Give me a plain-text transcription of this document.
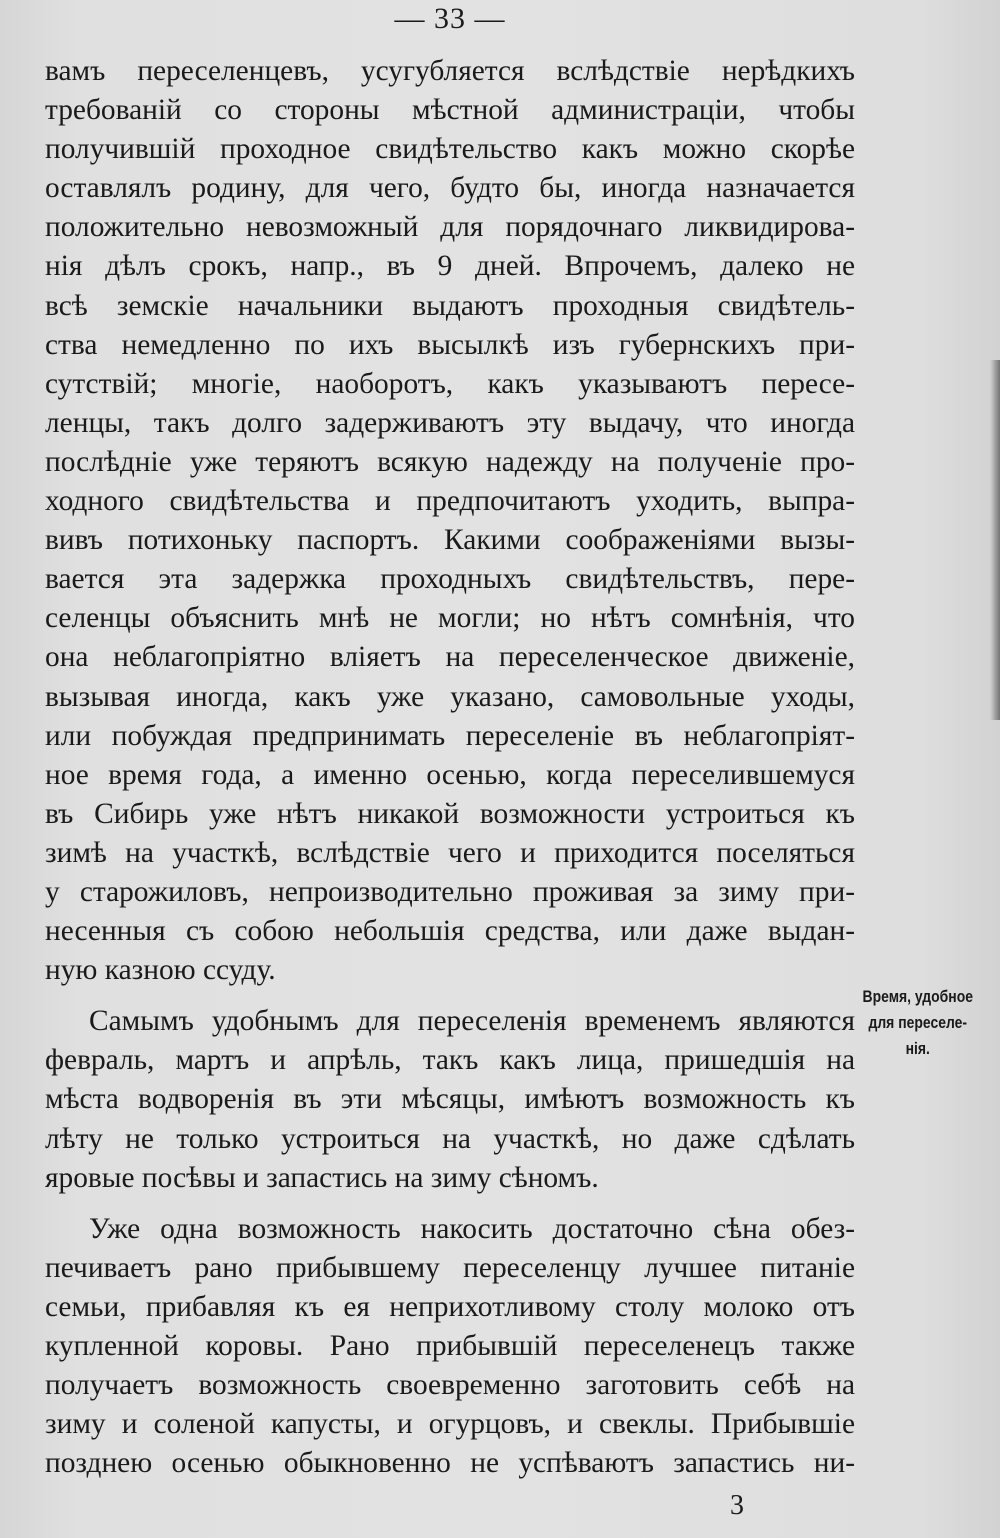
— 33 —
вамъ переселенцевъ, усугубляется вслѣдствіе нерѣдкихъ
требованій со стороны мѣстной администраціи, чтобы
получившій проходное свидѣтельство какъ можно скорѣе
оставлялъ родину, для чего, будто бы, иногда назначается
положительно невозможный для порядочнаго ликвидирова-
нія дѣлъ срокъ, напр., въ 9 дней. Впрочемъ, далеко не
всѣ земскіе начальники выдаютъ проходныя свидѣтель-
ства немедленно по ихъ высылкѣ изъ губернскихъ при-
сутствій; многіе, наоборотъ, какъ указываютъ пересе-
ленцы, такъ долго задерживаютъ эту выдачу, что иногда
послѣдніе уже теряютъ всякую надежду на полученіе про-
ходного свидѣтельства и предпочитаютъ уходить, выпра-
вивъ потихоньку паспортъ. Какими соображеніями вызы-
вается эта задержка проходныхъ свидѣтельствъ, пере-
селенцы объяснить мнѣ не могли; но нѣтъ сомнѣнія, что
она неблагопріятно вліяетъ на переселенческое движеніе,
вызывая иногда, какъ уже указано, самовольные уходы,
или побуждая предпринимать переселеніе въ неблагопріят-
ное время года, а именно осенью, когда переселившемуся
въ Сибирь уже нѣтъ никакой возможности устроиться къ
зимѣ на участкѣ, вслѣдствіе чего и приходится поселяться
у старожиловъ, непроизводительно проживая за зиму при-
несенныя съ собою небольшія средства, или даже выдан-
ную казною ссуду.
Самымъ удобнымъ для переселенія временемъ являются
февраль, мартъ и апрѣль, такъ какъ лица, пришедшія на
мѣста водворенія въ эти мѣсяцы, имѣютъ возможность къ
лѣту не только устроиться на участкѣ, но даже сдѣлать
яровые посѣвы и запастись на зиму сѣномъ.
Уже одна возможность накосить достаточно сѣна обез-
печиваетъ рано прибывшему переселенцу лучшее питаніе
семьи, прибавляя къ ея неприхотливому столу молоко отъ
купленной коровы. Рано прибывшій переселенецъ также
получаетъ возможность своевременно заготовить себѣ на
зиму и соленой капусты, и огурцовъ, и свеклы. Прибывшіе
позднею осенью обыкновенно не успѣваютъ запастись ни-
Время, удобное
для переселе-
нія.
3
